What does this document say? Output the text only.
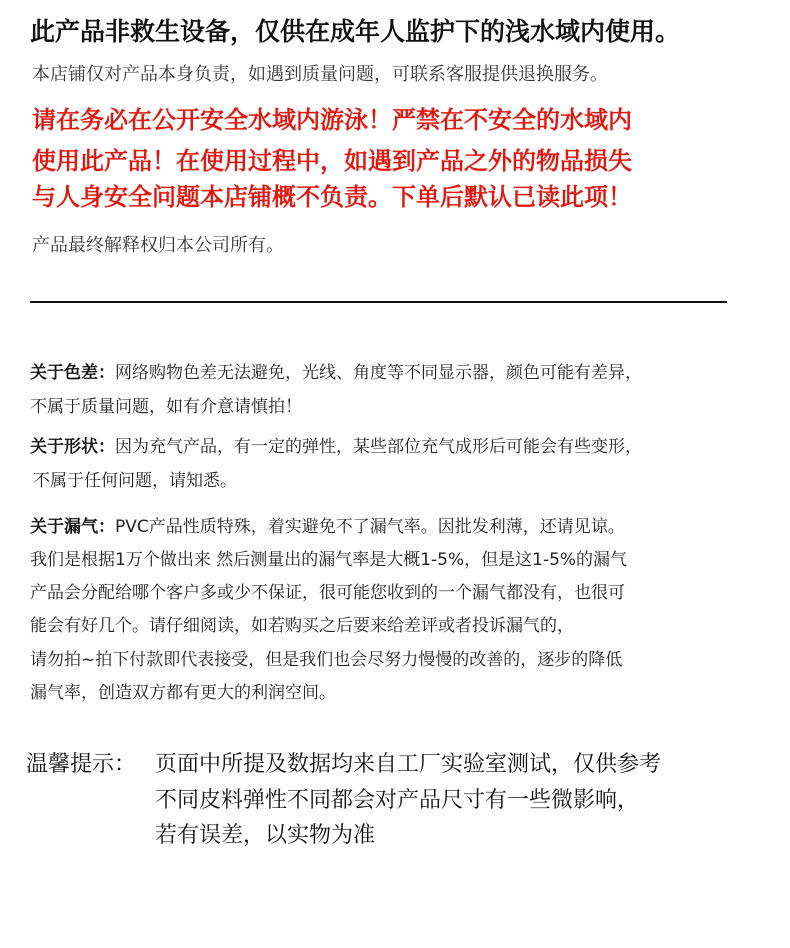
此产品非救生设备，仅供在成年人监护下的浅水域内使用。
本店铺仅对产品本身负责，如遇到质量问题，可联系客服提供退换服务。
请在务必在公开安全水域内游泳！严禁在不安全的水域内
使用此产品！在使用过程中，如遇到产品之外的物品损失
与人身安全问题本店铺概不负责。下单后默认已读此项！
产品最终解释权归本公司所有。
关于色差：网络购物色差无法避免，光线、角度等不同显示器，颜色可能有差异，
不属于质量问题，如有介意请慎拍！
关于形状：因为充气产品，有一定的弹性，某些部位充气成形后可能会有些变形，
不属于任何问题，请知悉。
关于漏气：PVC产品性质特殊，着实避免不了漏气率。因批发利薄，还请见谅。
我们是根据1万个做出来 然后测量出的漏气率是大概1-5%，但是这1-5%的漏气
产品会分配给哪个客户多或少不保证，很可能您收到的一个漏气都没有，也很可
能会有好几个。请仔细阅读，如若购买之后要来给差评或者投诉漏气的，
请勿拍~拍下付款即代表接受，但是我们也会尽努力慢慢的改善的，逐步的降低
漏气率，创造双方都有更大的利润空间。
温馨提示： 页面中所提及数据均来自工厂实验室测试，仅供参考
不同皮料弹性不同都会对产品尺寸有一些微影响，
若有误差，以实物为准
